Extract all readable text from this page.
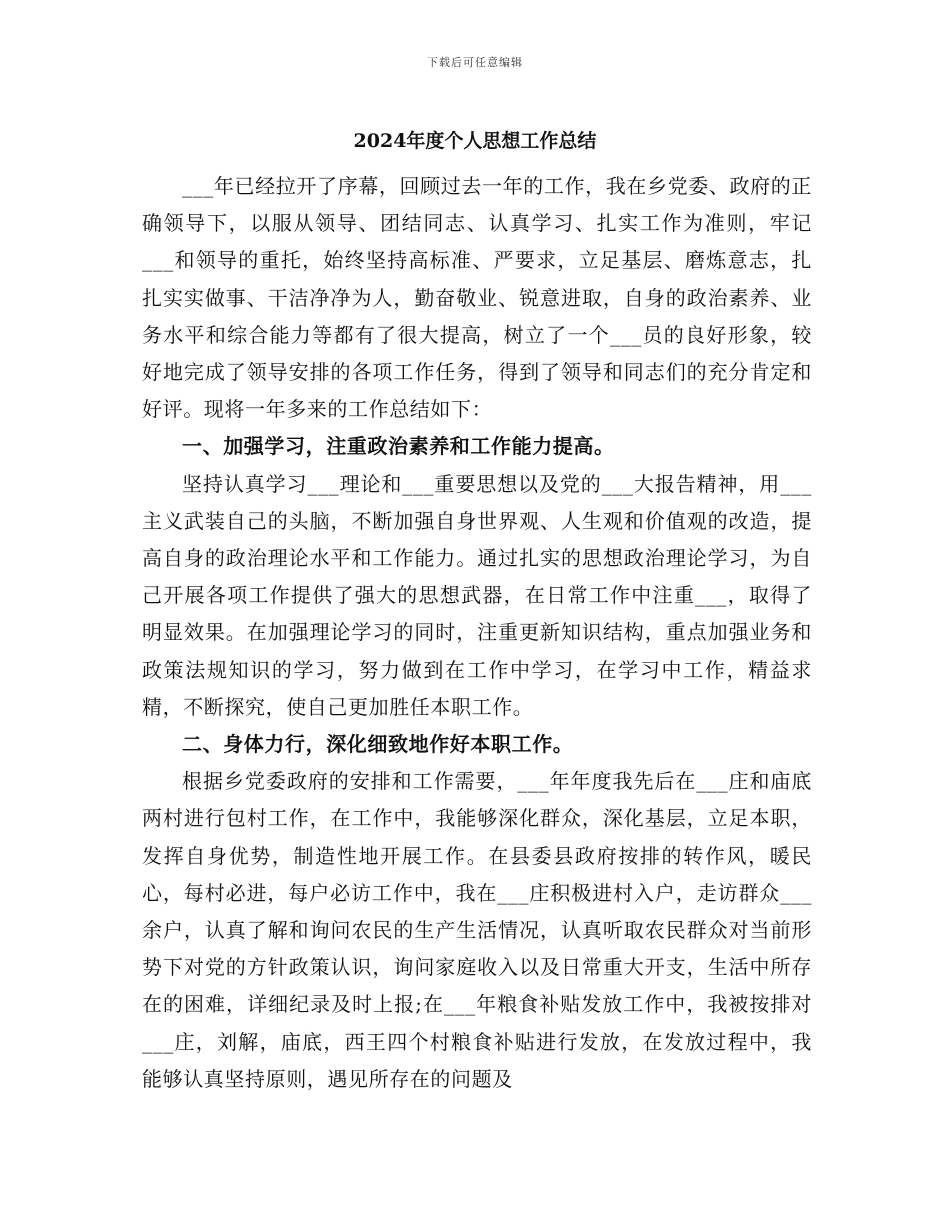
下载后可任意编辑
2024年度个人思想工作总结

___年已经拉开了序幕，回顾过去一年的工作，我在乡党委、政府的正确领导下，以服从领导、团结同志、认真学习、扎实工作为准则，牢记___和领导的重托，始终坚持高标准、严要求，立足基层、磨炼意志，扎扎实实做事、干洁净净为人，勤奋敬业、锐意进取，自身的政治素养、业务水平和综合能力等都有了很大提高，树立了一个___员的良好形象，较好地完成了领导安排的各项工作任务，得到了领导和同志们的充分肯定和好评。现将一年多来的工作总结如下：

一、加强学习，注重政治素养和工作能力提高。

坚持认真学习___理论和___重要思想以及党的___大报告精神，用___主义武装自己的头脑，不断加强自身世界观、人生观和价值观的改造，提高自身的政治理论水平和工作能力。通过扎实的思想政治理论学习，为自己开展各项工作提供了强大的思想武器，在日常工作中注重___，取得了明显效果。在加强理论学习的同时，注重更新知识结构，重点加强业务和政策法规知识的学习，努力做到在工作中学习，在学习中工作，精益求精，不断探究，使自己更加胜任本职工作。

二、身体力行，深化细致地作好本职工作。

根据乡党委政府的安排和工作需要，___年年度我先后在___庄和庙底两村进行包村工作，在工作中，我能够深化群众，深化基层，立足本职，发挥自身优势，制造性地开展工作。在县委县政府按排的转作风，暖民心，每村必进，每户必访工作中，我在___庄积极进村入户，走访群众___余户，认真了解和询问农民的生产生活情况，认真听取农民群众对当前形势下对党的方针政策认识，询问家庭收入以及日常重大开支，生活中所存在的困难，详细纪录及时上报;在___年粮食补贴发放工作中，我被按排对___庄，刘解，庙底，西王四个村粮食补贴进行发放，在发放过程中，我能够认真坚持原则，遇见所存在的问题及
